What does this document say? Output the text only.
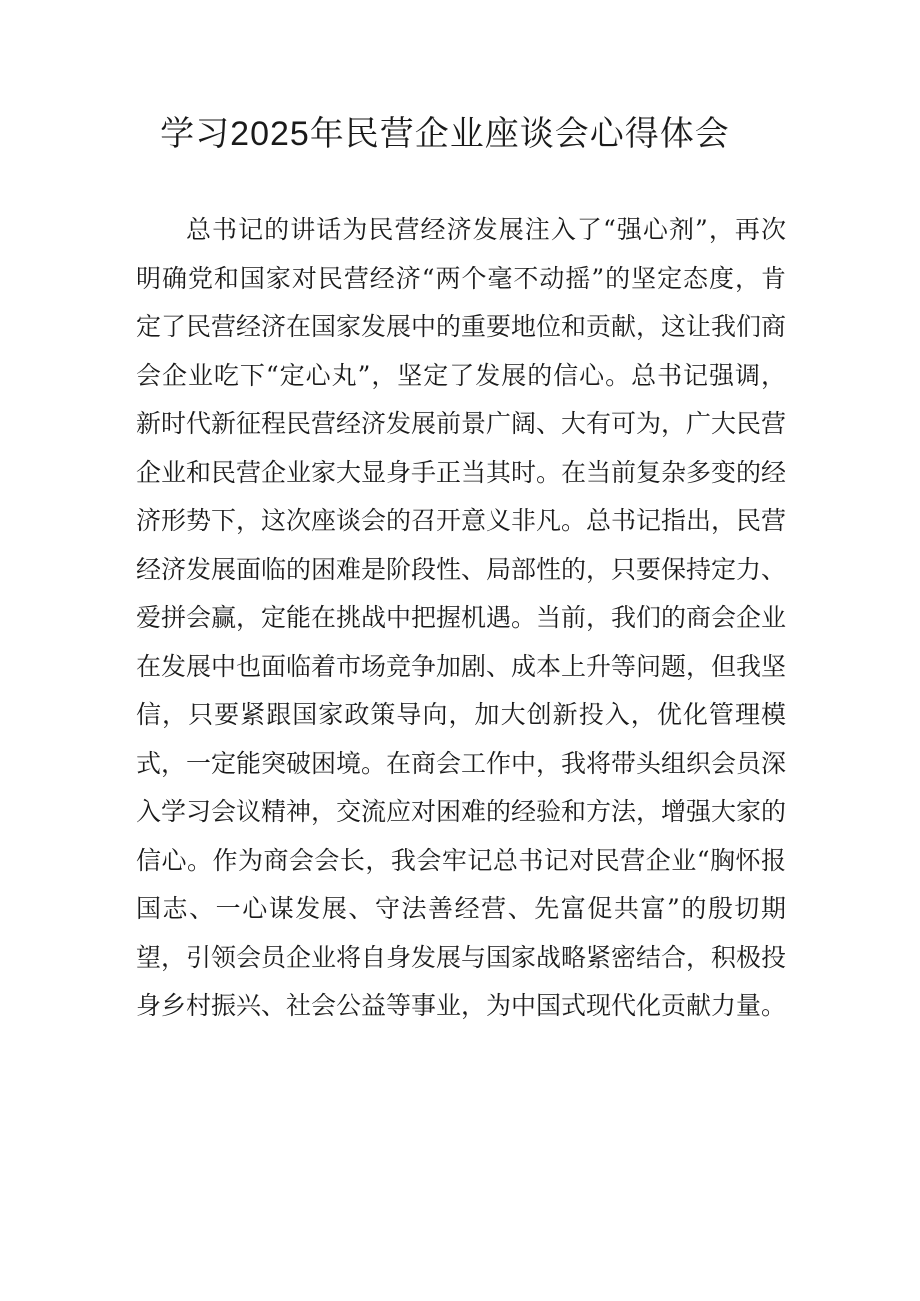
学习2025年民营企业座谈会心得体会
总书记的讲话为民营经济发展注入了“强心剂”，再次
明确党和国家对民营经济“两个毫不动摇”的坚定态度，肯
定了民营经济在国家发展中的重要地位和贡献，这让我们商
会企业吃下“定心丸”，坚定了发展的信心。总书记强调，
新时代新征程民营经济发展前景广阔、大有可为，广大民营
企业和民营企业家大显身手正当其时。在当前复杂多变的经
济形势下，这次座谈会的召开意义非凡。总书记指出，民营
经济发展面临的困难是阶段性、局部性的，只要保持定力、
爱拼会赢，定能在挑战中把握机遇。当前，我们的商会企业
在发展中也面临着市场竞争加剧、成本上升等问题，但我坚
信，只要紧跟国家政策导向，加大创新投入，优化管理模
式，一定能突破困境。在商会工作中，我将带头组织会员深
入学习会议精神，交流应对困难的经验和方法，增强大家的
信心。作为商会会长，我会牢记总书记对民营企业“胸怀报
国志、一心谋发展、守法善经营、先富促共富”的殷切期
望，引领会员企业将自身发展与国家战略紧密结合，积极投
身乡村振兴、社会公益等事业，为中国式现代化贡献力量。
